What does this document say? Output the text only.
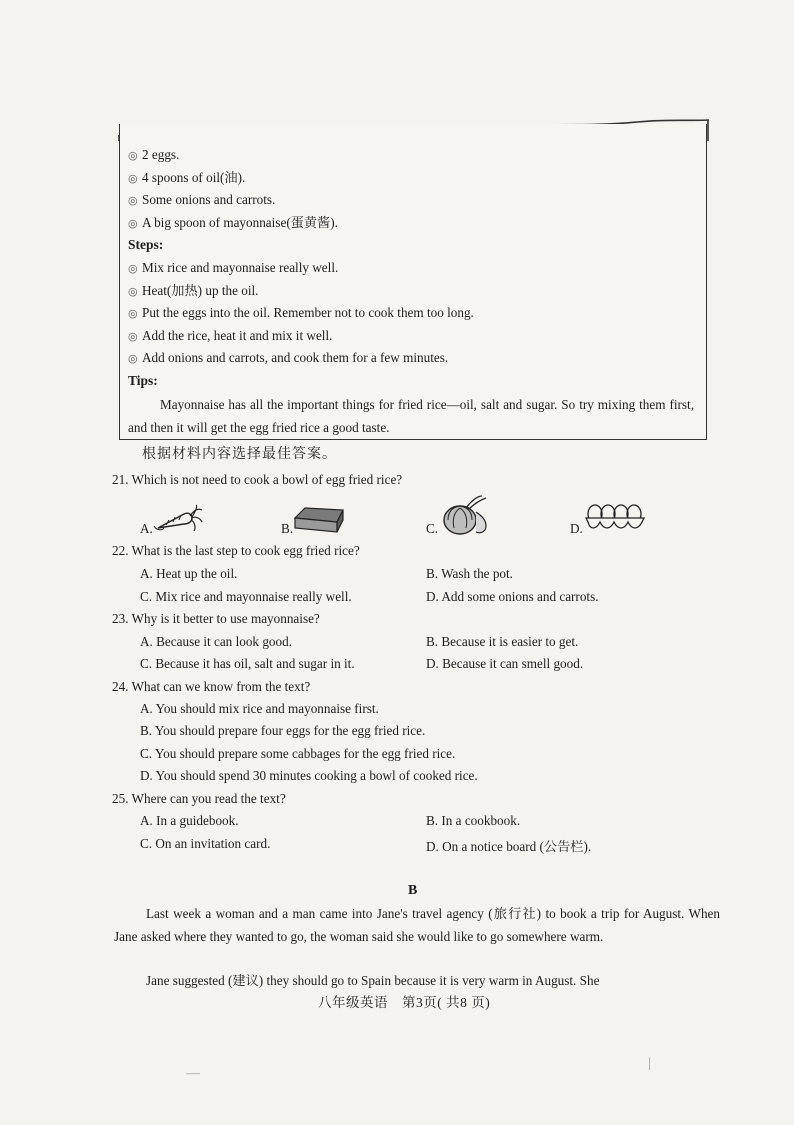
◎ 2 eggs.
◎ 4 spoons of oil(油).
◎ Some onions and carrots.
◎ A big spoon of mayonnaise(蛋黄酱).
Steps:
◎ Mix rice and mayonnaise really well.
◎ Heat(加热) up the oil.
◎ Put the eggs into the oil. Remember not to cook them too long.
◎ Add the rice, heat it and mix it well.
◎ Add onions and carrots, and cook them for a few minutes.
Tips:
Mayonnaise has all the important things for fried rice—oil, salt and sugar. So try mixing them first, and then it will get the egg fried rice a good taste.
根据材料内容选择最佳答案。
21. Which is not need to cook a bowl of egg fried rice?
A.	B.	C.	D.
22. What is the last step to cook egg fried rice?
A. Heat up the oil.	B. Wash the pot.
C. Mix rice and mayonnaise really well.	D. Add some onions and carrots.
23. Why is it better to use mayonnaise?
A. Because it can look good.	B. Because it is easier to get.
C. Because it has oil, salt and sugar in it.	D. Because it can smell good.
24. What can we know from the text?
A. You should mix rice and mayonnaise first.
B. You should prepare four eggs for the egg fried rice.
C. You should prepare some cabbages for the egg fried rice.
D. You should spend 30 minutes cooking a bowl of cooked rice.
25. Where can you read the text?
A. In a guidebook.	B. In a cookbook.
C. On an invitation card.	D. On a notice board (公告栏).
B
Last week a woman and a man came into Jane's travel agency (旅行社) to book a trip for August. When Jane asked where they wanted to go, the woman said she would like to go somewhere warm.
Jane suggested (建议) they should go to Spain because it is very warm in August. She
八年级英语　第3页( 共8 页)
—
|
